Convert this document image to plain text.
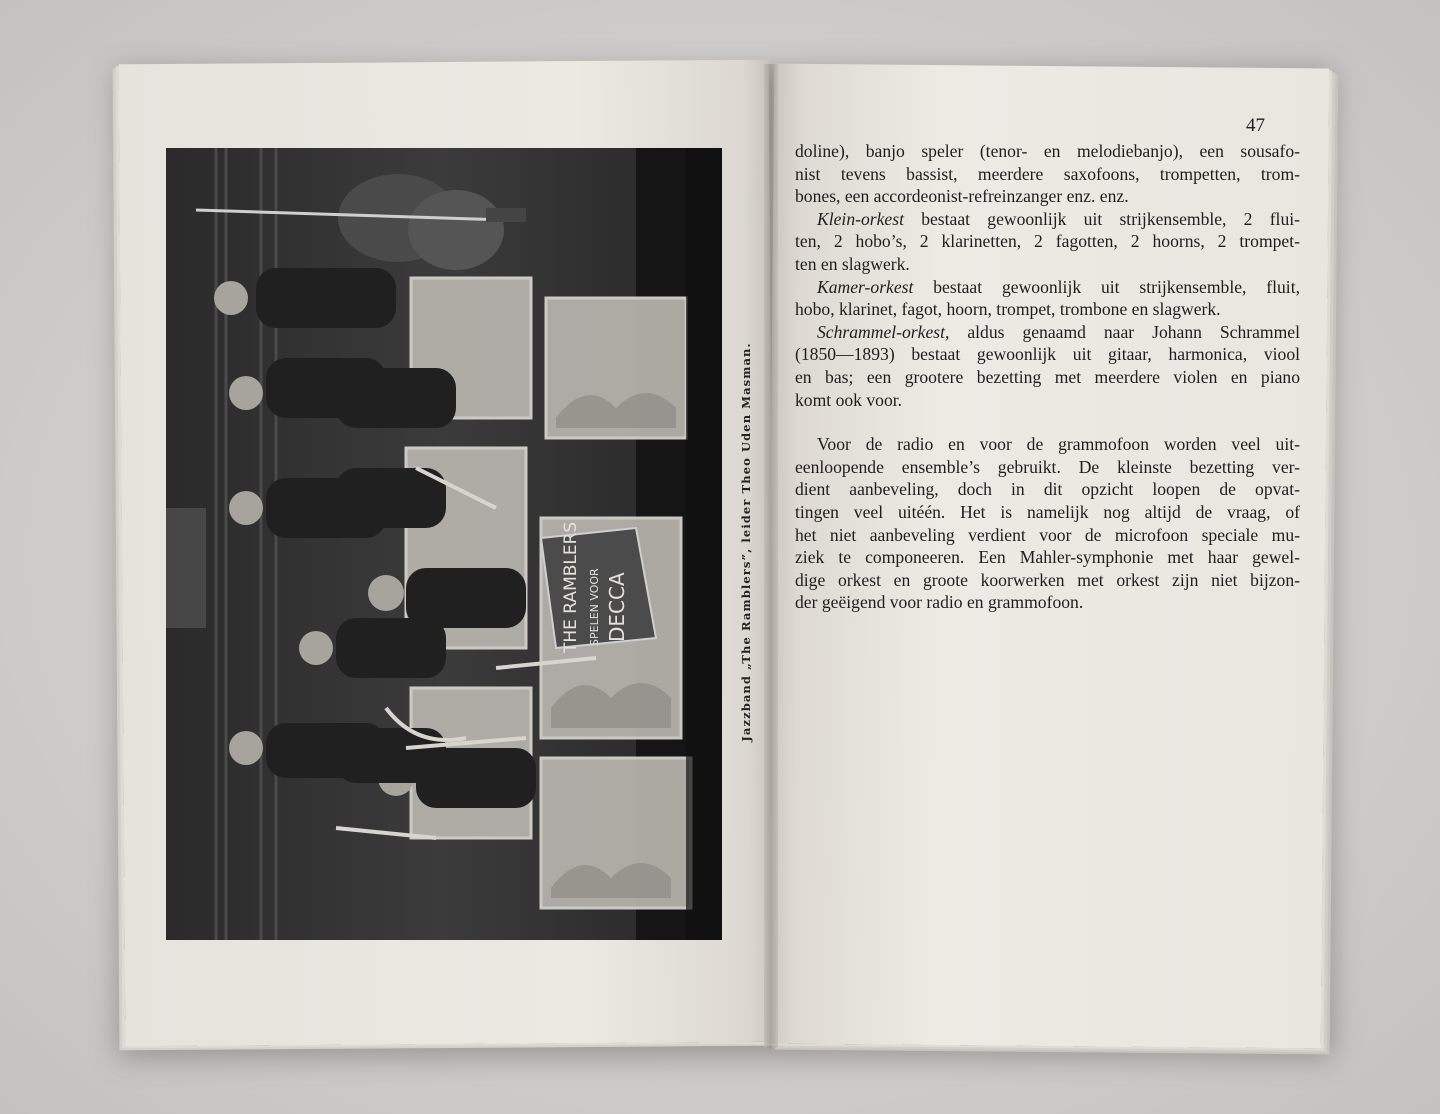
THE RAMBLERS SPELEN VOOR DECCA	Jazzband „The Ramblers”, leider Theo Uden Masman.
47
doline), banjo speler (tenor- en melodiebanjo), een sousafo-
nist tevens bassist, meerdere saxofoons, trompetten, trom-
bones, een accordeonist-refreinzanger enz. enz.
Klein-orkest bestaat gewoonlijk uit strijkensemble, 2 flui-
ten, 2 hobo’s, 2 klarinetten, 2 fagotten, 2 hoorns, 2 trompet-
ten en slagwerk.
Kamer-orkest bestaat gewoonlijk uit strijkensemble, fluit,
hobo, klarinet, fagot, hoorn, trompet, trombone en slagwerk.
Schrammel-orkest, aldus genaamd naar Johann Schrammel
(1850—1893) bestaat gewoonlijk uit gitaar, harmonica, viool
en bas; een grootere bezetting met meerdere violen en piano
komt ook voor.
Voor de radio en voor de grammofoon worden veel uit-
eenloopende ensemble’s gebruikt. De kleinste bezetting ver-
dient aanbeveling, doch in dit opzicht loopen de opvat-
tingen veel uitéén. Het is namelijk nog altijd de vraag, of
het niet aanbeveling verdient voor de microfoon speciale mu-
ziek te componeeren. Een Mahler-symphonie met haar gewel-
dige orkest en groote koorwerken met orkest zijn niet bijzon-
der geëigend voor radio en grammofoon.
